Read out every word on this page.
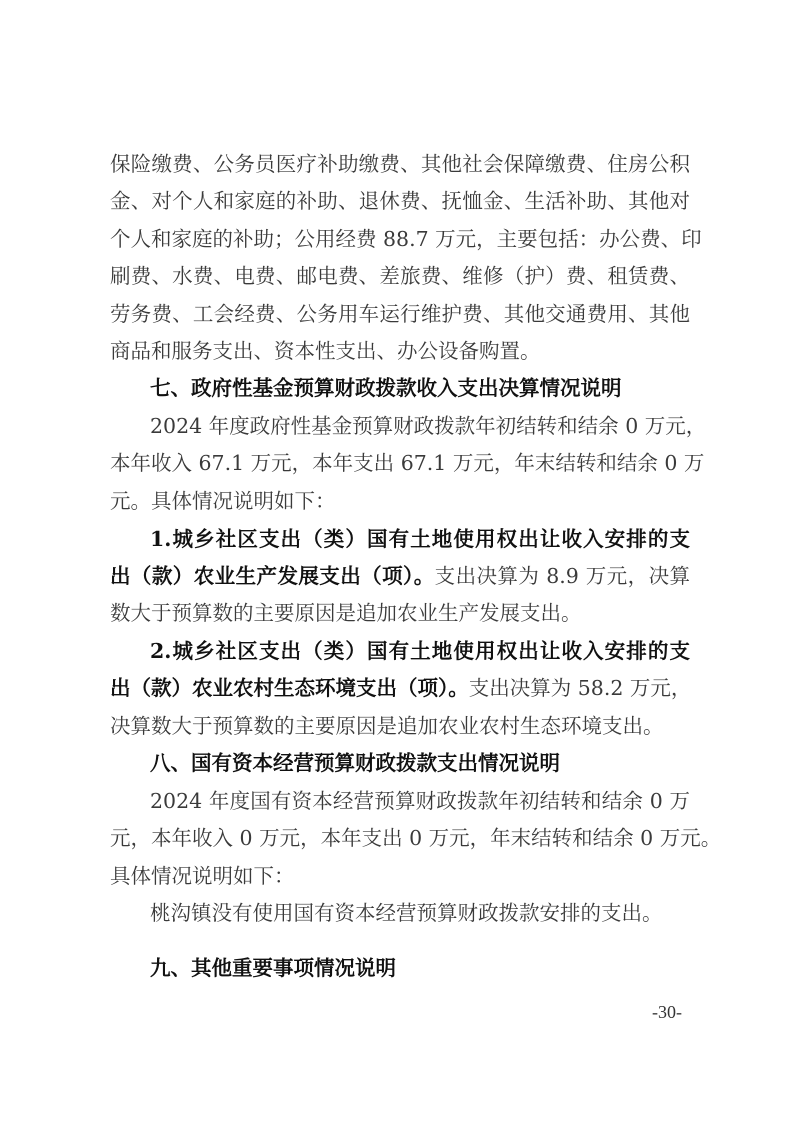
保险缴费、公务员医疗补助缴费、其他社会保障缴费、住房公积
金、对个人和家庭的补助、退休费、抚恤金、生活补助、其他对
个人和家庭的补助；公用经费 88.7 万元，主要包括：办公费、印
刷费、水费、电费、邮电费、差旅费、维修（护）费、租赁费、
劳务费、工会经费、公务用车运行维护费、其他交通费用、其他
商品和服务支出、资本性支出、办公设备购置。
七、政府性基金预算财政拨款收入支出决算情况说明
2024 年度政府性基金预算财政拨款年初结转和结余 0 万元，
本年收入 67.1 万元，本年支出 67.1 万元，年末结转和结余 0 万
元。具体情况说明如下：
1.城乡社区支出（类）国有土地使用权出让收入安排的支
出（款）农业生产发展支出（项）。支出决算为 8.9 万元，决算
数大于预算数的主要原因是追加农业生产发展支出。
2.城乡社区支出（类）国有土地使用权出让收入安排的支
出（款）农业农村生态环境支出（项）。支出决算为 58.2 万元，
决算数大于预算数的主要原因是追加农业农村生态环境支出。
八、国有资本经营预算财政拨款支出情况说明
2024 年度国有资本经营预算财政拨款年初结转和结余 0 万
元，本年收入 0 万元，本年支出 0 万元，年末结转和结余 0 万元。
具体情况说明如下：
桃沟镇没有使用国有资本经营预算财政拨款安排的支出。
九、其他重要事项情况说明
-30-
